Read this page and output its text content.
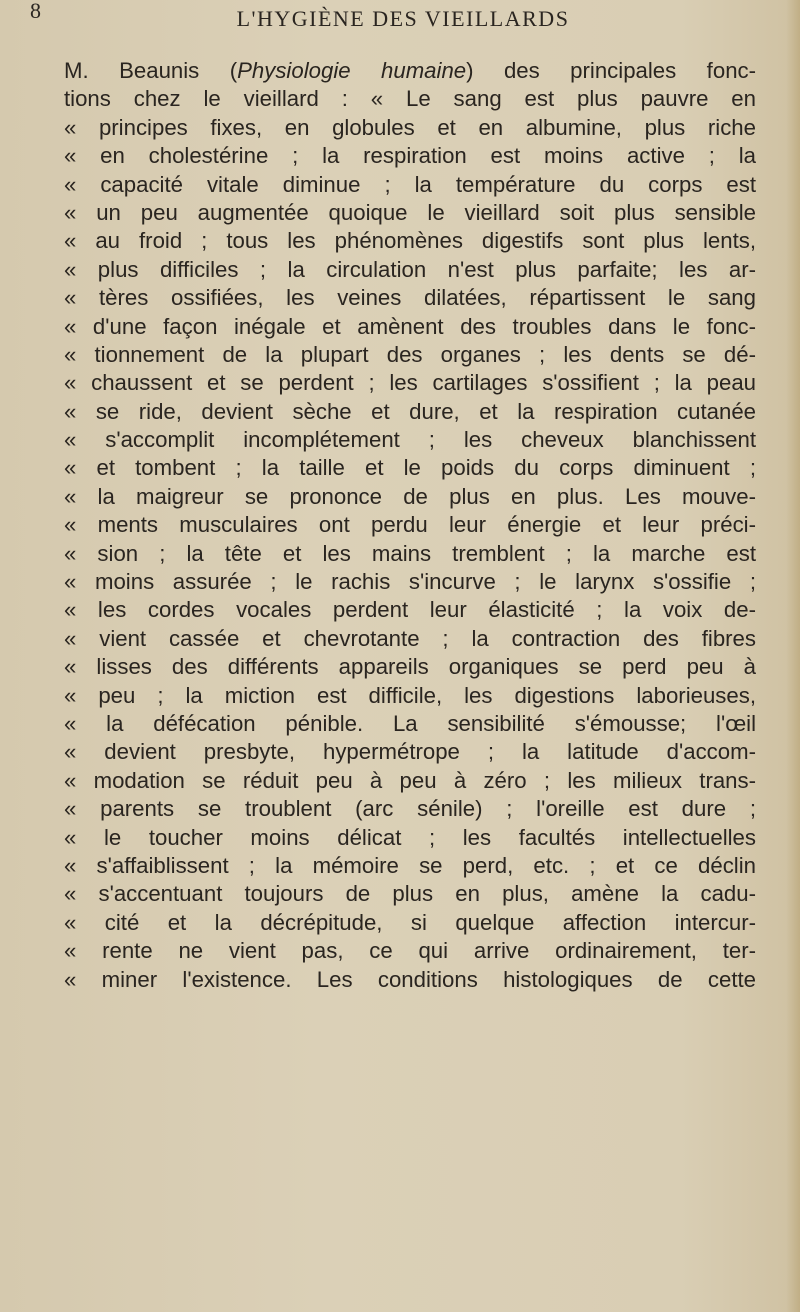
8	L'HYGIÈNE DES VIEILLARDS
M. Beaunis (Physiologie humaine) des principales fonc-
tions chez le vieillard : « Le sang est plus pauvre en
« principes fixes, en globules et en albumine, plus riche
« en cholestérine ; la respiration est moins active ; la
« capacité vitale diminue ; la température du corps est
« un peu augmentée quoique le vieillard soit plus sensible
« au froid ; tous les phénomènes digestifs sont plus lents,
« plus difficiles ; la circulation n'est plus parfaite; les ar-
« tères ossifiées, les veines dilatées, répartissent le sang
« d'une façon inégale et amènent des troubles dans le fonc-
« tionnement de la plupart des organes ; les dents se dé-
« chaussent et se perdent ; les cartilages s'ossifient ; la peau
« se ride, devient sèche et dure, et la respiration cutanée
« s'accomplit incomplétement ; les cheveux blanchissent
« et tombent ; la taille et le poids du corps diminuent ;
« la maigreur se prononce de plus en plus. Les mouve-
« ments musculaires ont perdu leur énergie et leur préci-
« sion ; la tête et les mains tremblent ; la marche est
« moins assurée ; le rachis s'incurve ; le larynx s'ossifie ;
« les cordes vocales perdent leur élasticité ; la voix de-
« vient cassée et chevrotante ; la contraction des fibres
« lisses des différents appareils organiques se perd peu à
« peu ; la miction est difficile, les digestions laborieuses,
« la défécation pénible. La sensibilité s'émousse; l'œil
« devient presbyte, hypermétrope ; la latitude d'accom-
« modation se réduit peu à peu à zéro ; les milieux trans-
« parents se troublent (arc sénile) ; l'oreille est dure ;
« le toucher moins délicat ; les facultés intellectuelles
« s'affaiblissent ; la mémoire se perd, etc. ; et ce déclin
« s'accentuant toujours de plus en plus, amène la cadu-
« cité et la décrépitude, si quelque affection intercur-
« rente ne vient pas, ce qui arrive ordinairement, ter-
« miner l'existence. Les conditions histologiques de cette
